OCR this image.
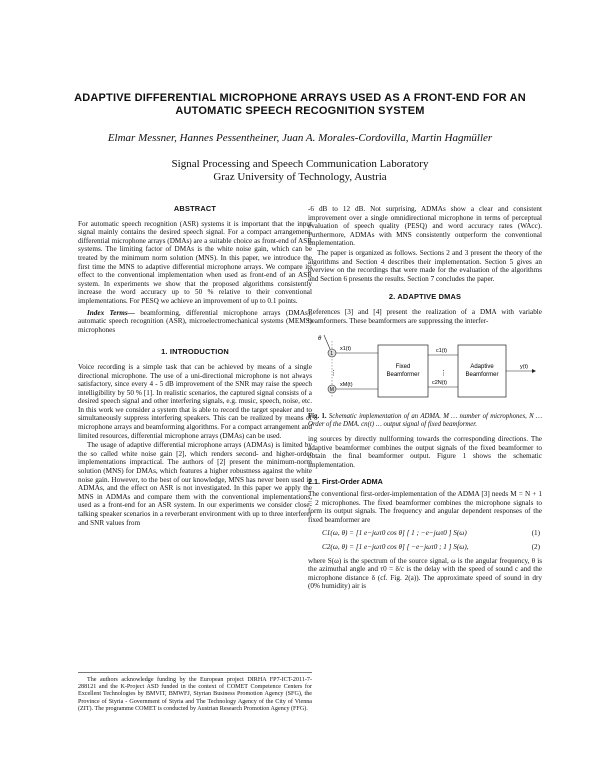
ADAPTIVE DIFFERENTIAL MICROPHONE ARRAYS USED AS A FRONT-END FOR AN
AUTOMATIC SPEECH RECOGNITION SYSTEM
Elmar Messner, Hannes Pessentheiner, Juan A. Morales-Cordovilla, Martin Hagmüller
Signal Processing and Speech Communication Laboratory
Graz University of Technology, Austria
ABSTRACT

For automatic speech recognition (ASR) systems it is important that the input signal mainly contains the desired speech signal. For a compact arrangement, differential microphone arrays (DMAs) are a suitable choice as front-end of ASR systems. The limiting factor of DMAs is the white noise gain, which can be treated by the minimum norm solution (MNS). In this paper, we introduce the first time the MNS to adaptive differential microphone arrays. We compare its effect to the conventional implementation when used as front-end of an ASR system. In experiments we show that the proposed algorithms consistently increase the word accuracy up to 50 % relative to their conventional implementations. For PESQ we achieve an improvement of up to 0.1 points.

Index Terms— beamforming, differential microphone arrays (DMAs), automatic speech recognition (ASR), microelectromechanical systems (MEMS) microphones

1. INTRODUCTION

Voice recording is a simple task that can be achieved by means of a single directional microphone. The use of a uni-directional microphone is not always satisfactory, since every 4 - 5 dB improvement of the SNR may raise the speech intelligibility by 50 % [1]. In realistic scenarios, the captured signal consists of a desired speech signal and other interfering signals, e.g. music, speech, noise, etc. In this work we consider a system that is able to record the target speaker and to simultaneously suppress interfering speakers. This can be realized by means of microphone arrays and beamforming algorithms. For a compact arrangement and limited resources, differential microphone arrays (DMAs) can be used.

The usage of adaptive differential microphone arrays (ADMAs) is limited by the so called white noise gain [2], which renders second- and higher-order implementations impractical. The authors of [2] present the minimum-norm solution (MNS) for DMAs, which features a higher robustness against the white noise gain. However, to the best of our knowledge, MNS has never been used in ADMAs, and the effect on ASR is not investigated. In this paper we apply the MNS in ADMAs and compare them with the conventional implementations, used as a front-end for an ASR system. In our experiments we consider close-talking speaker scenarios in a reverberant environment with up to three interferer and SNR values from

The authors acknowledge funding by the European project DIRHA FP7-ICT-2011-7-288121 and the K-Project ASD funded in the context of COMET Competence Centers for Excellent Technologies by BMVIT, BMWFJ, Styrian Business Promotion Agency (SFG), the Province of Styria - Government of Styria and The Technology Agency of the City of Vienna (ZIT). The programme COMET is conducted by Austrian Research Promotion Agency (FFG).

-6 dB to 12 dB. Not surprising, ADMAs show a clear and consistent improvement over a single omnidirectional microphone in terms of perceptual evaluation of speech quality (PESQ) and word accuracy rates (WAcc). Furthermore, ADMAs with MNS consistently outperform the conventional implementation.

The paper is organized as follows. Sections 2 and 3 present the theory of the algorithms and Section 4 describes their implementation. Section 5 gives an overview on the recordings that were made for the evaluation of the algorithms and Section 6 presents the results. Section 7 concludes the paper.

2. ADAPTIVE DMAS

References [3] and [4] present the realization of a DMA with variable beamformers. These beamformers are suppressing the interfer-

θ
1
⋮
M
x1(t)
xM(t)
Fixed
Beamformer
c1(t)
⋮
c2N(t)
Adaptive
Beamformer
y(t)
Fig. 1. Schematic implementation of an ADMA. M … number of microphones, N … Order of the DMA. cn(t) … output signal of fixed beamformer.

ing sources by directly nullforming towards the corresponding directions. The adaptive beamformer combines the output signals of the fixed beamformer to obtain the final beamformer output. Figure 1 shows the schematic implementation.

2.1. First-Order ADMA

The conventional first-order-implementation of the ADMA [3] needs M = N + 1 = 2 microphones. The fixed beamformer combines the microphone signals to form its output signals. The frequency and angular dependent responses of the fixed beamformer are

C1(ω, θ) = [1 e−jωτ0 cos θ] [ 1 ; −e−jωτ0 ] S(ω)	(1)
C2(ω, θ) = [1 e−jωτ0 cos θ] [ −e−jωτ0 ; 1 ] S(ω),	(2)

where S(ω) is the spectrum of the source signal, ω is the angular frequency, θ is the azimuthal angle and τ0 = δ/c is the delay with the speed of sound c and the microphone distance δ (cf. Fig. 2(a)). The approximate speed of sound in dry (0% humidity) air is
